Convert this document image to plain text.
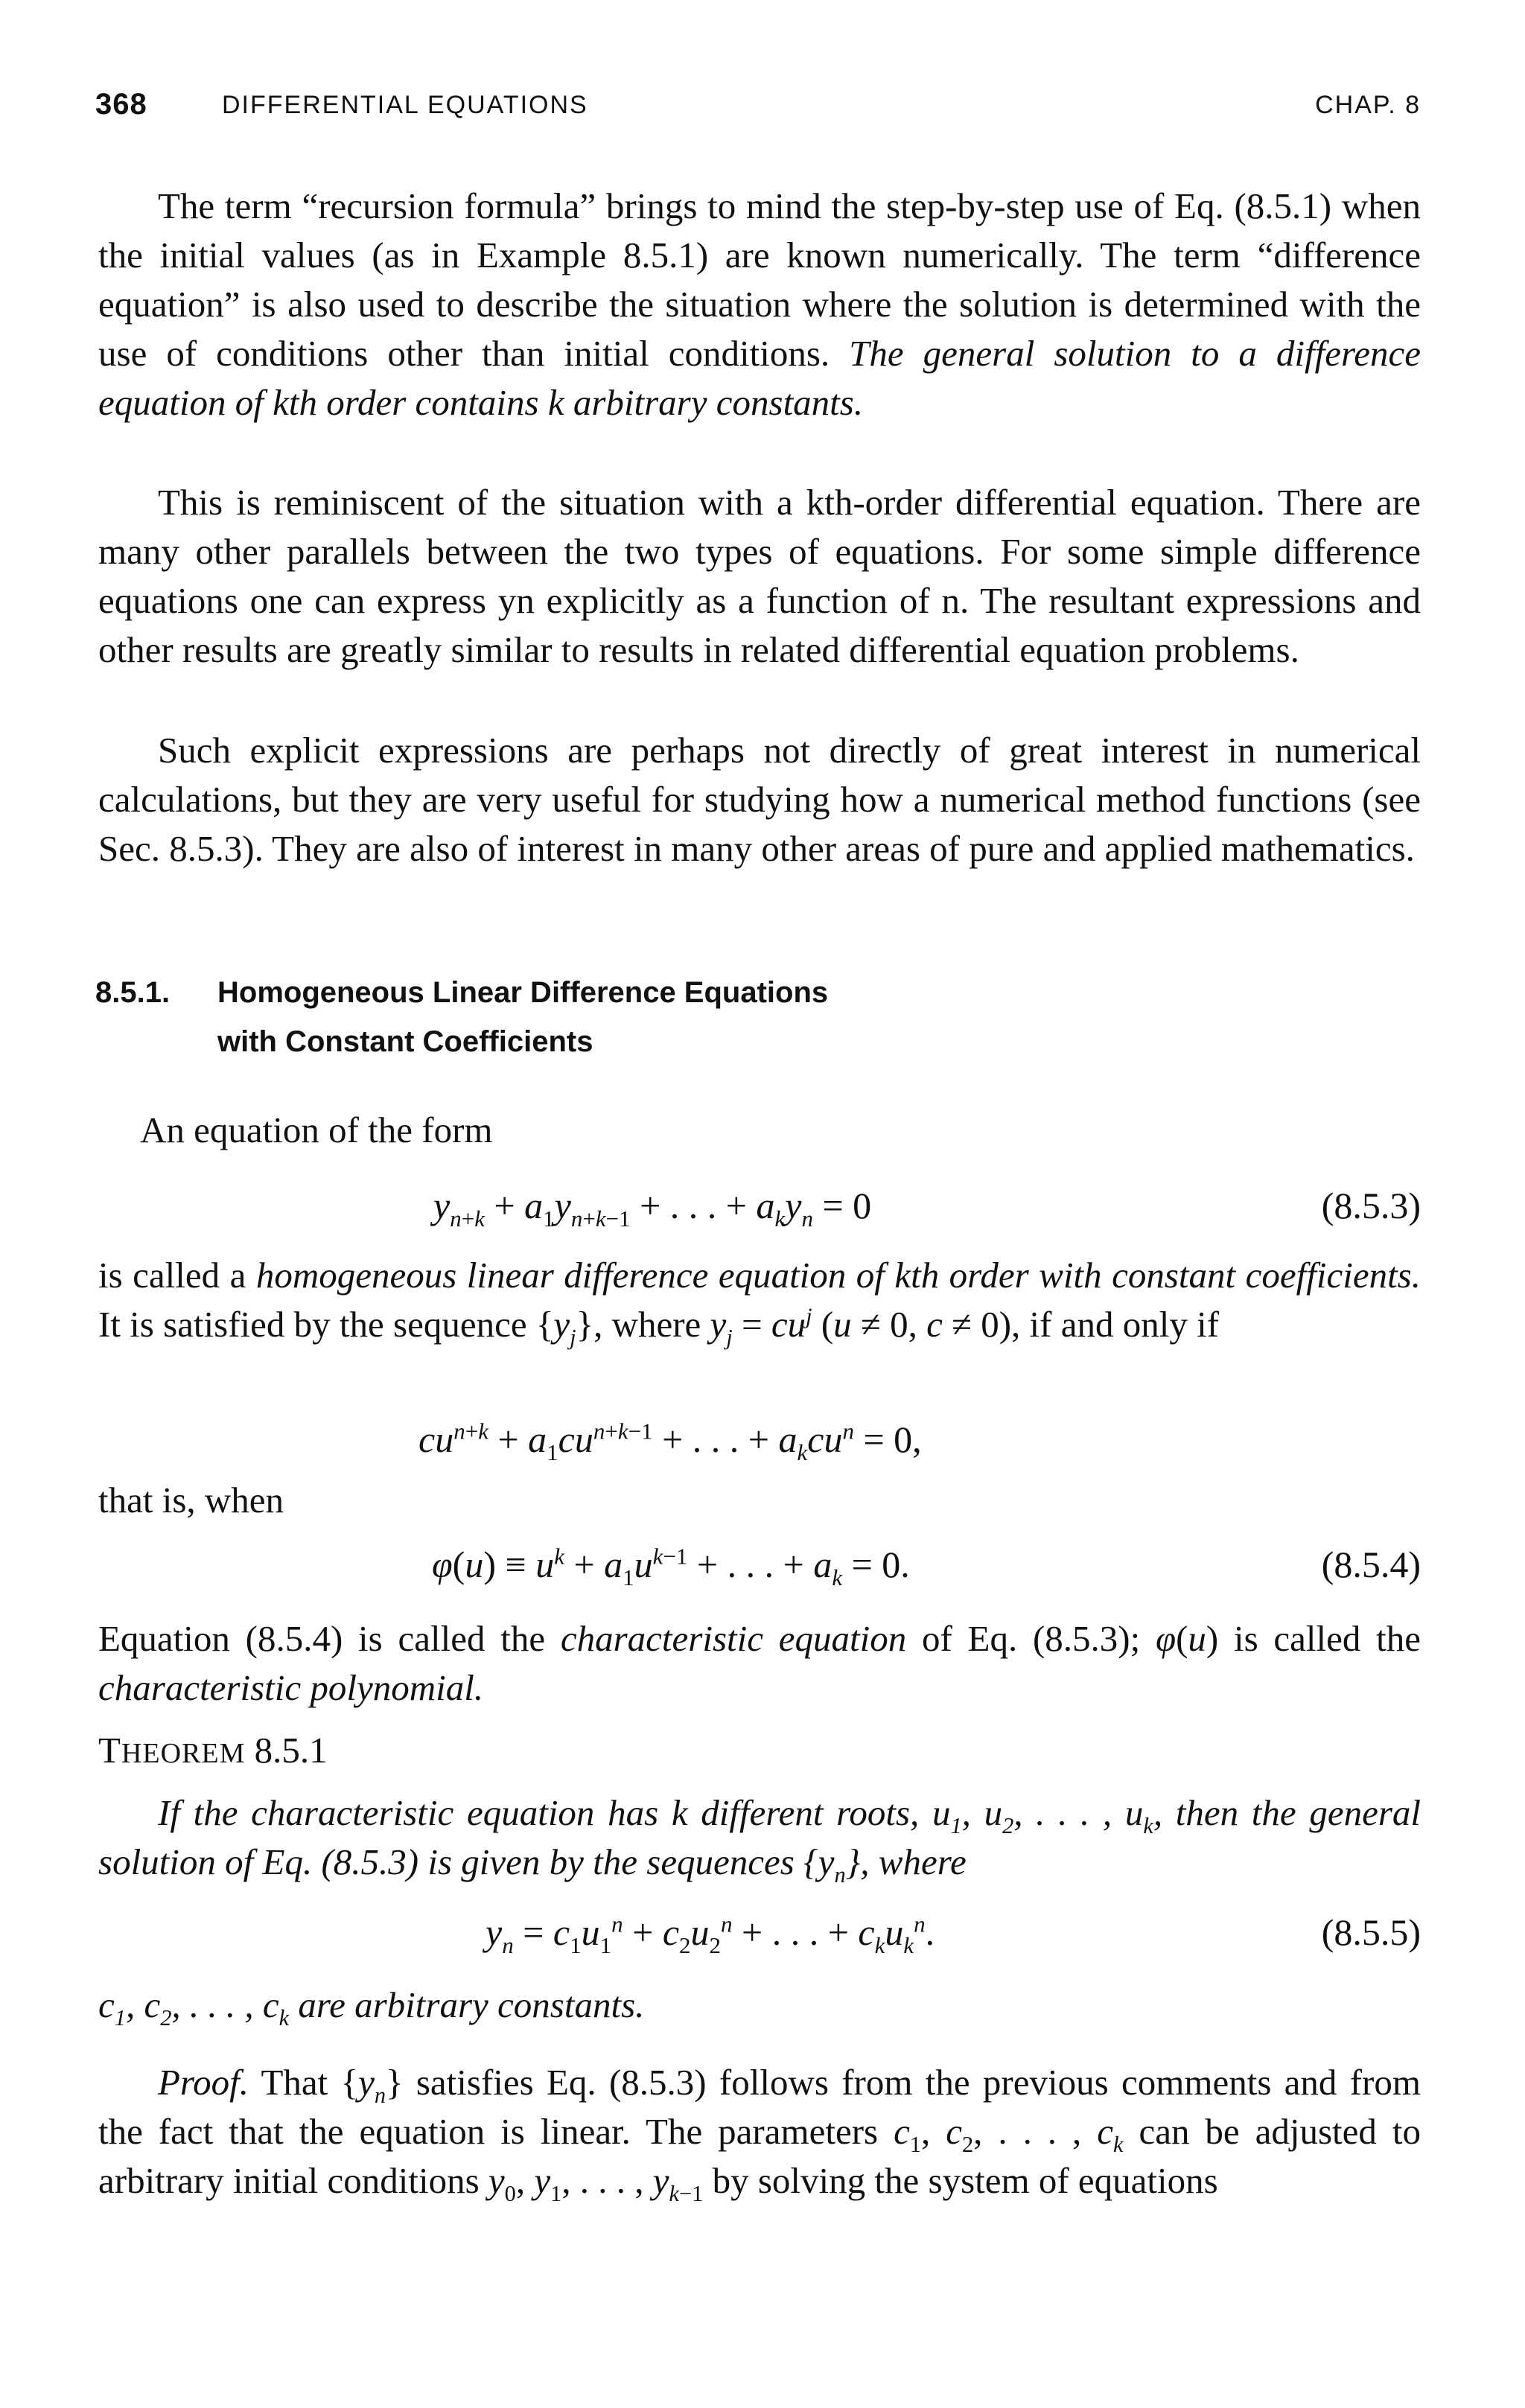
368	DIFFERENTIAL EQUATIONS	CHAP. 8

The term “recursion formula” brings to mind the step-by-step use of Eq. (8.5.1) when the initial values (as in Example 8.5.1) are known numerically. The term “difference equation” is also used to describe the situation where the solution is determined with the use of conditions other than initial conditions. The general solution to a difference equation of kth order contains k arbitrary constants.

This is reminiscent of the situation with a kth-order differential equation. There are many other parallels between the two types of equations. For some simple difference equations one can express yn explicitly as a function of n. The resultant expressions and other results are greatly similar to results in related differential equation problems.

Such explicit expressions are perhaps not directly of great interest in numerical calculations, but they are very useful for studying how a numerical method functions (see Sec. 8.5.3). They are also of interest in many other areas of pure and applied mathematics.

8.5.1. Homogeneous Linear Difference Equations
with Constant Coefficients
An equation of the form
$y_{n+k} + a_1y_{n+k-1}$ + . . . + $a_ky_n = 0$	(8.5.3)

is called a homogeneous linear difference equation of kth order with constant coefficients. It is satisfied by the sequence $\{y_j\}$, where $y_j = cu^j$ (u ≠ 0, c ≠ 0), if and only if

$cu^{n+k} + a_1cu^{n+k-1}$ + . . . + $a_kcu^n = 0$,
that is, when
$\varphi(u) \equiv u^k + a_1u^{k-1}$ + . . . + $a_k = 0$.	(8.5.4)

Equation (8.5.4) is called the characteristic equation of Eq. (8.5.3); φ(u) is called the characteristic polynomial.

THEOREM 8.5.1

If the characteristic equation has k different roots, $u_1$, $u_2$, . . . , $u_k$, then the general solution of Eq. (8.5.3) is given by the sequences $\{y_n\}$, where

$y_n = c_1u_1^n + c_2u_2^n$ + . . . + $c_ku_k^n$.	(8.5.5)
$c_1$, $c_2$, . . . , $c_k$ are arbitrary constants.

Proof. That $\{y_n\}$ satisfies Eq. (8.5.3) follows from the previous comments and from the fact that the equation is linear. The parameters $c_1$, $c_2$, . . . , $c_k$ can be adjusted to arbitrary initial conditions $y_0$, $y_1$, . . . , $y_{k-1}$ by solving the system of equations
